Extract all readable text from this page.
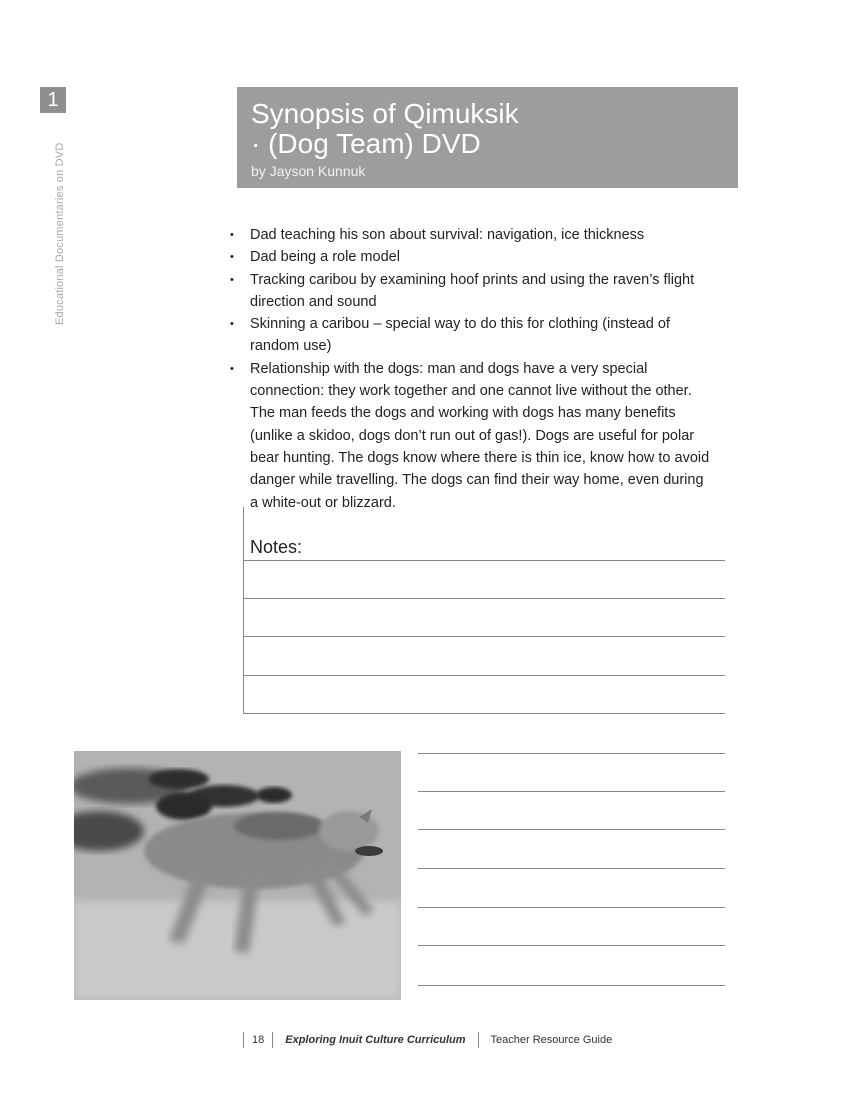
1
Educational Documentaries on DVD
Synopsis of Qimuksik
· (Dog Team) DVD
by Jayson Kunnuk
• Dad teaching his son about survival: navigation, ice thickness
• Dad being a role model
• Tracking caribou by examining hoof prints and using the raven’s flight
direction and sound
• Skinning a caribou – special way to do this for clothing (instead of
random use)
• Relationship with the dogs: man and dogs have a very special
connection: they work together and one cannot live without the other.
The man feeds the dogs and working with dogs has many benefits
(unlike a skidoo, dogs don’t run out of gas!). Dogs are useful for polar
bear hunting. The dogs know where there is thin ice, know how to avoid
danger while travelling. The dogs can find their way home, even during
a white-out or blizzard.
Notes:
18	Exploring Inuit Culture Curriculum	Teacher Resource Guide
